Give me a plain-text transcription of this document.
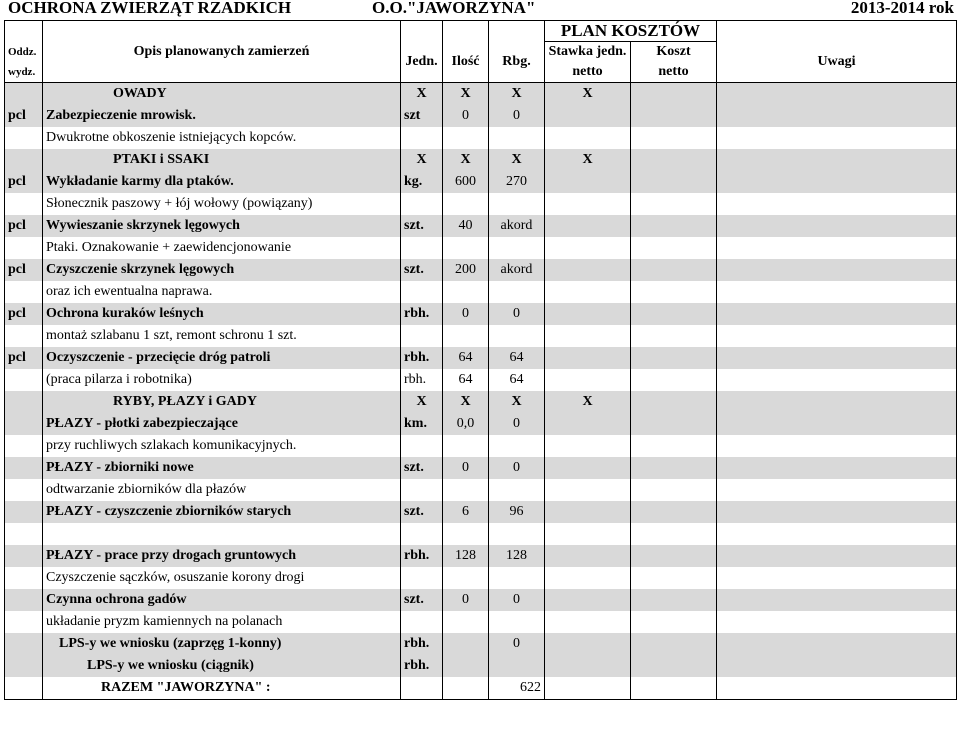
OCHRONA ZWIERZĄT RZADKICH	O.O."JAWORZYNA"	2013-2014 rok
					PLAN KOSZTÓW		
Oddz.	Opis planowanych zamierzeń	Jedn.	Ilość	Rbg.	Stawka jedn.	Koszt	Uwagi
wydz.					netto	netto	
	OWADY	X	X	X	X		
pcl	Zabezpieczenie mrowisk.	szt	0	0			
	Dwukrotne obkoszenie istniejących kopców.						
	PTAKI i SSAKI	X	X	X	X		
pcl	Wykładanie karmy dla ptaków.	kg.	600	270			
	Słonecznik paszowy + łój wołowy (powiązany)						
pcl	Wywieszanie skrzynek lęgowych	szt.	40	akord			
	Ptaki. Oznakowanie + zaewidencjonowanie						
pcl	Czyszczenie skrzynek lęgowych	szt.	200	akord			
	oraz ich ewentualna naprawa.						
pcl	Ochrona kuraków leśnych	rbh.	0	0			
	montaż szlabanu 1 szt, remont schronu 1 szt.						
pcl	Oczyszczenie - przecięcie dróg patroli	rbh.	64	64			
	(praca pilarza i robotnika)	rbh.	64	64			
	RYBY, PŁAZY i GADY	X	X	X	X		
	PŁAZY - płotki zabezpieczające	km.	0,0	0			
	przy ruchliwych szlakach komunikacyjnych.						
	PŁAZY - zbiorniki nowe	szt.	0	0			
	odtwarzanie zbiorników dla płazów						
	PŁAZY - czyszczenie zbiorników starych	szt.	6	96			

	PŁAZY - prace przy drogach gruntowych	rbh.	128	128			
	Czyszczenie sączków, osuszanie korony drogi						
	Czynna ochrona gadów	szt.	0	0			
	układanie pryzm kamiennych na polanach						
	LPS-y we wniosku (zaprzęg 1-konny)	rbh.		0			
	LPS-y we wniosku (ciągnik)	rbh.					
	RAZEM "JAWORZYNA" :			622			
